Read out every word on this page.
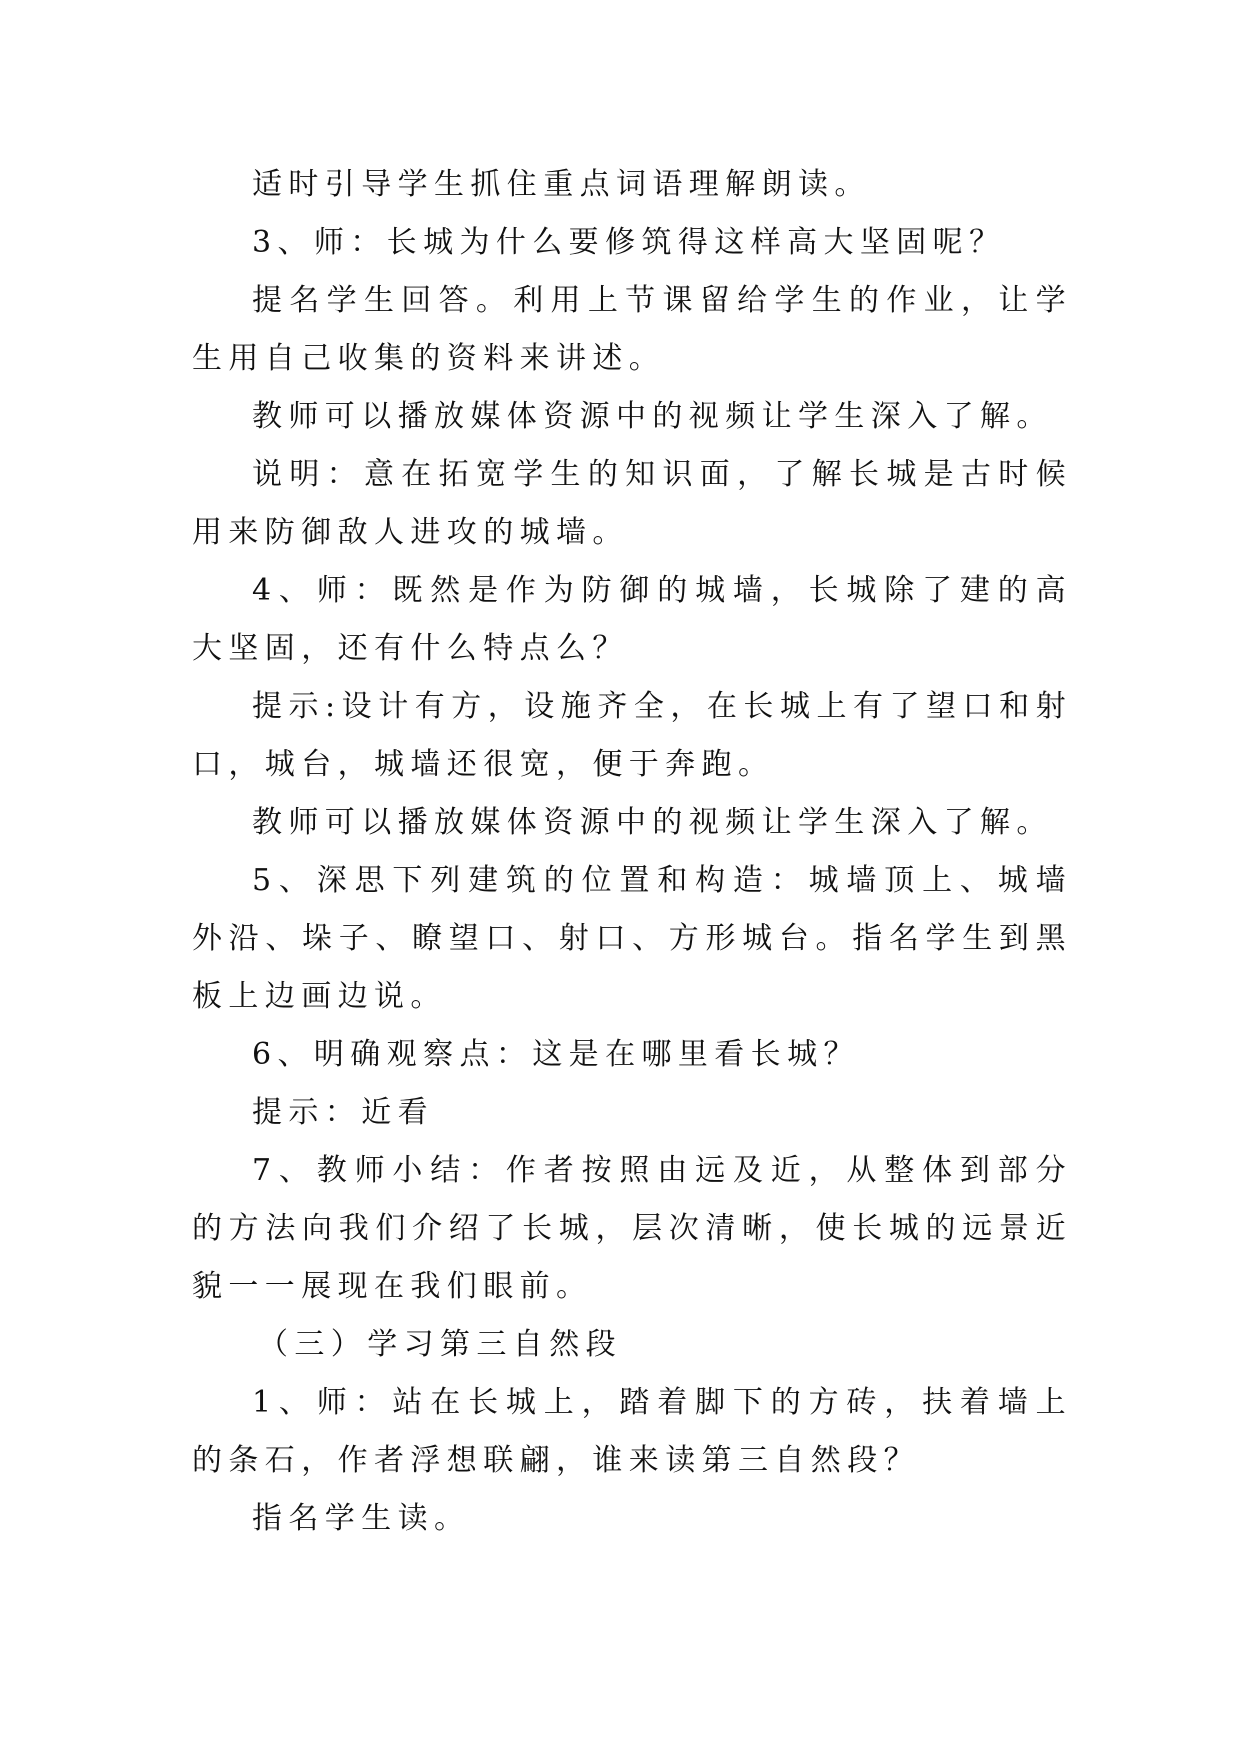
适时引导学生抓住重点词语理解朗读。

3、师：长城为什么要修筑得这样高大坚固呢？

提名学生回答。利用上节课留给学生的作业，让学生用自己收集的资料来讲述。

教师可以播放媒体资源中的视频让学生深入了解。

说明：意在拓宽学生的知识面，了解长城是古时候用来防御敌人进攻的城墙。

4、师：既然是作为防御的城墙，长城除了建的高大坚固，还有什么特点么？

提示:设计有方，设施齐全，在长城上有了望口和射口，城台，城墙还很宽，便于奔跑。

教师可以播放媒体资源中的视频让学生深入了解。

5、深思下列建筑的位置和构造：城墙顶上、城墙外沿、垛子、瞭望口、射口、方形城台。指名学生到黑板上边画边说。

6、明确观察点：这是在哪里看长城？

提示：近看

7、教师小结：作者按照由远及近，从整体到部分的方法向我们介绍了长城，层次清晰，使长城的远景近貌一一展现在我们眼前。

（三）学习第三自然段

1、师：站在长城上，踏着脚下的方砖，扶着墙上的条石，作者浮想联翩，谁来读第三自然段？

指名学生读。
